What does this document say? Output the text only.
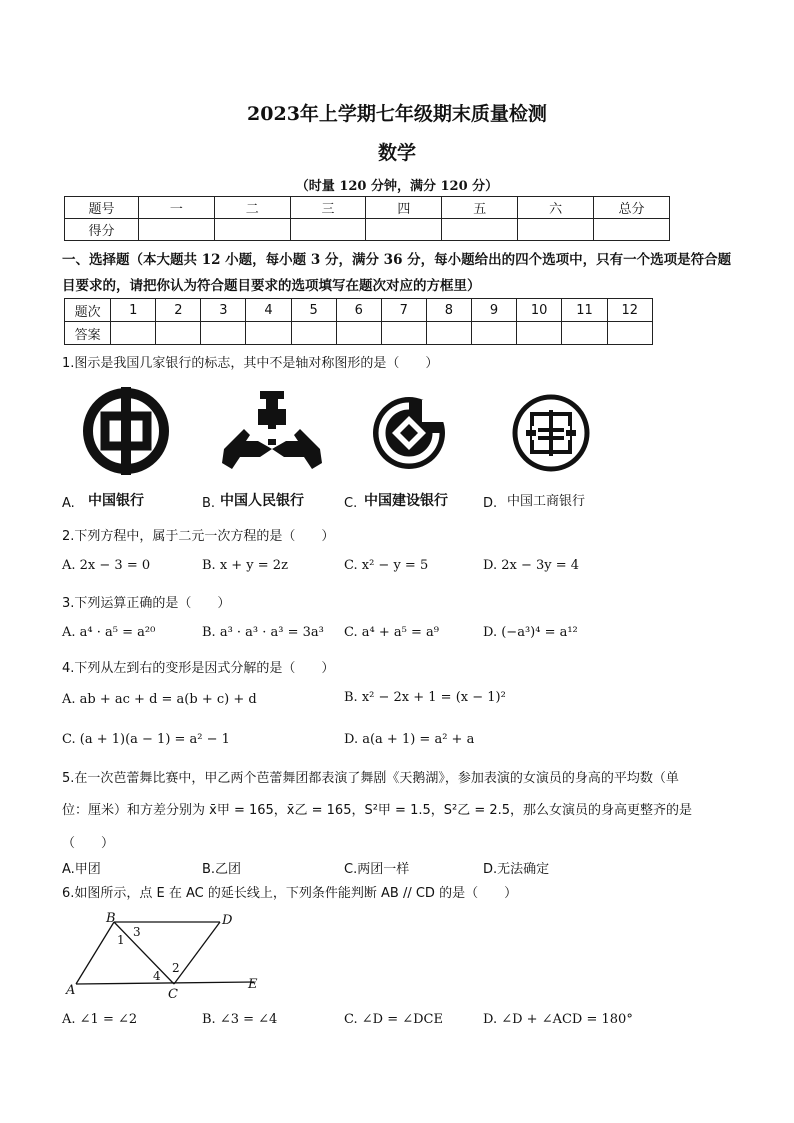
2023年上学期七年级期末质量检测
数学
（时量 120 分钟，满分 120 分）
题号	一	二	三	四	五	六	总分
得分							
一、选择题（本大题共 12 小题，每小题 3 分，满分 36 分，每小题给出的四个选项中，只有一个选项是符合题目要求的，请把你认为符合题目要求的选项填写在题次对应的方框里）
题次	1	2	3	4	5	6	7	8	9	10	11	12
答案												
1.图示是我国几家银行的标志，其中不是轴对称图形的是（　　）
A. 中国银行	B. 中国人民银行	C. 中国建设银行	D. 中国工商银行
2.下列方程中，属于二元一次方程的是（　　）
A. 2x − 3 = 0	B. x + y = 2z	C. x² − y = 5	D. 2x − 3y = 4
3.下列运算正确的是（　　）
A. a⁴ · a⁵ = a²⁰	B. a³ · a³ · a³ = 3a³ C. a⁴ + a⁵ = a⁹	D. (−a³)⁴ = a¹²
4.下列从左到右的变形是因式分解的是（　　）
A. ab + ac + d = a(b + c) + d	B. x² − 2x + 1 = (x − 1)²
C. (a + 1)(a − 1) = a² − 1	D. a(a + 1) = a² + a
5.在一次芭蕾舞比赛中，甲乙两个芭蕾舞团都表演了舞剧《天鹅湖》，参加表演的女演员的身高的平均数（单
位：厘米）和方差分别为 x̄甲 = 165，x̄乙 = 165，S²甲 = 1.5，S²乙 = 2.5，那么女演员的身高更整齐的是
（　　）
A.甲团	B.乙团	C.两团一样	D.无法确定
6.如图所示，点 E 在 AC 的延长线上，下列条件能判断 AB // CD 的是（　　）
B	D
A	C
E
1
3
4
2
A. ∠1 = ∠2	B. ∠3 = ∠4	C. ∠D = ∠DCE	D. ∠D + ∠ACD = 180°
